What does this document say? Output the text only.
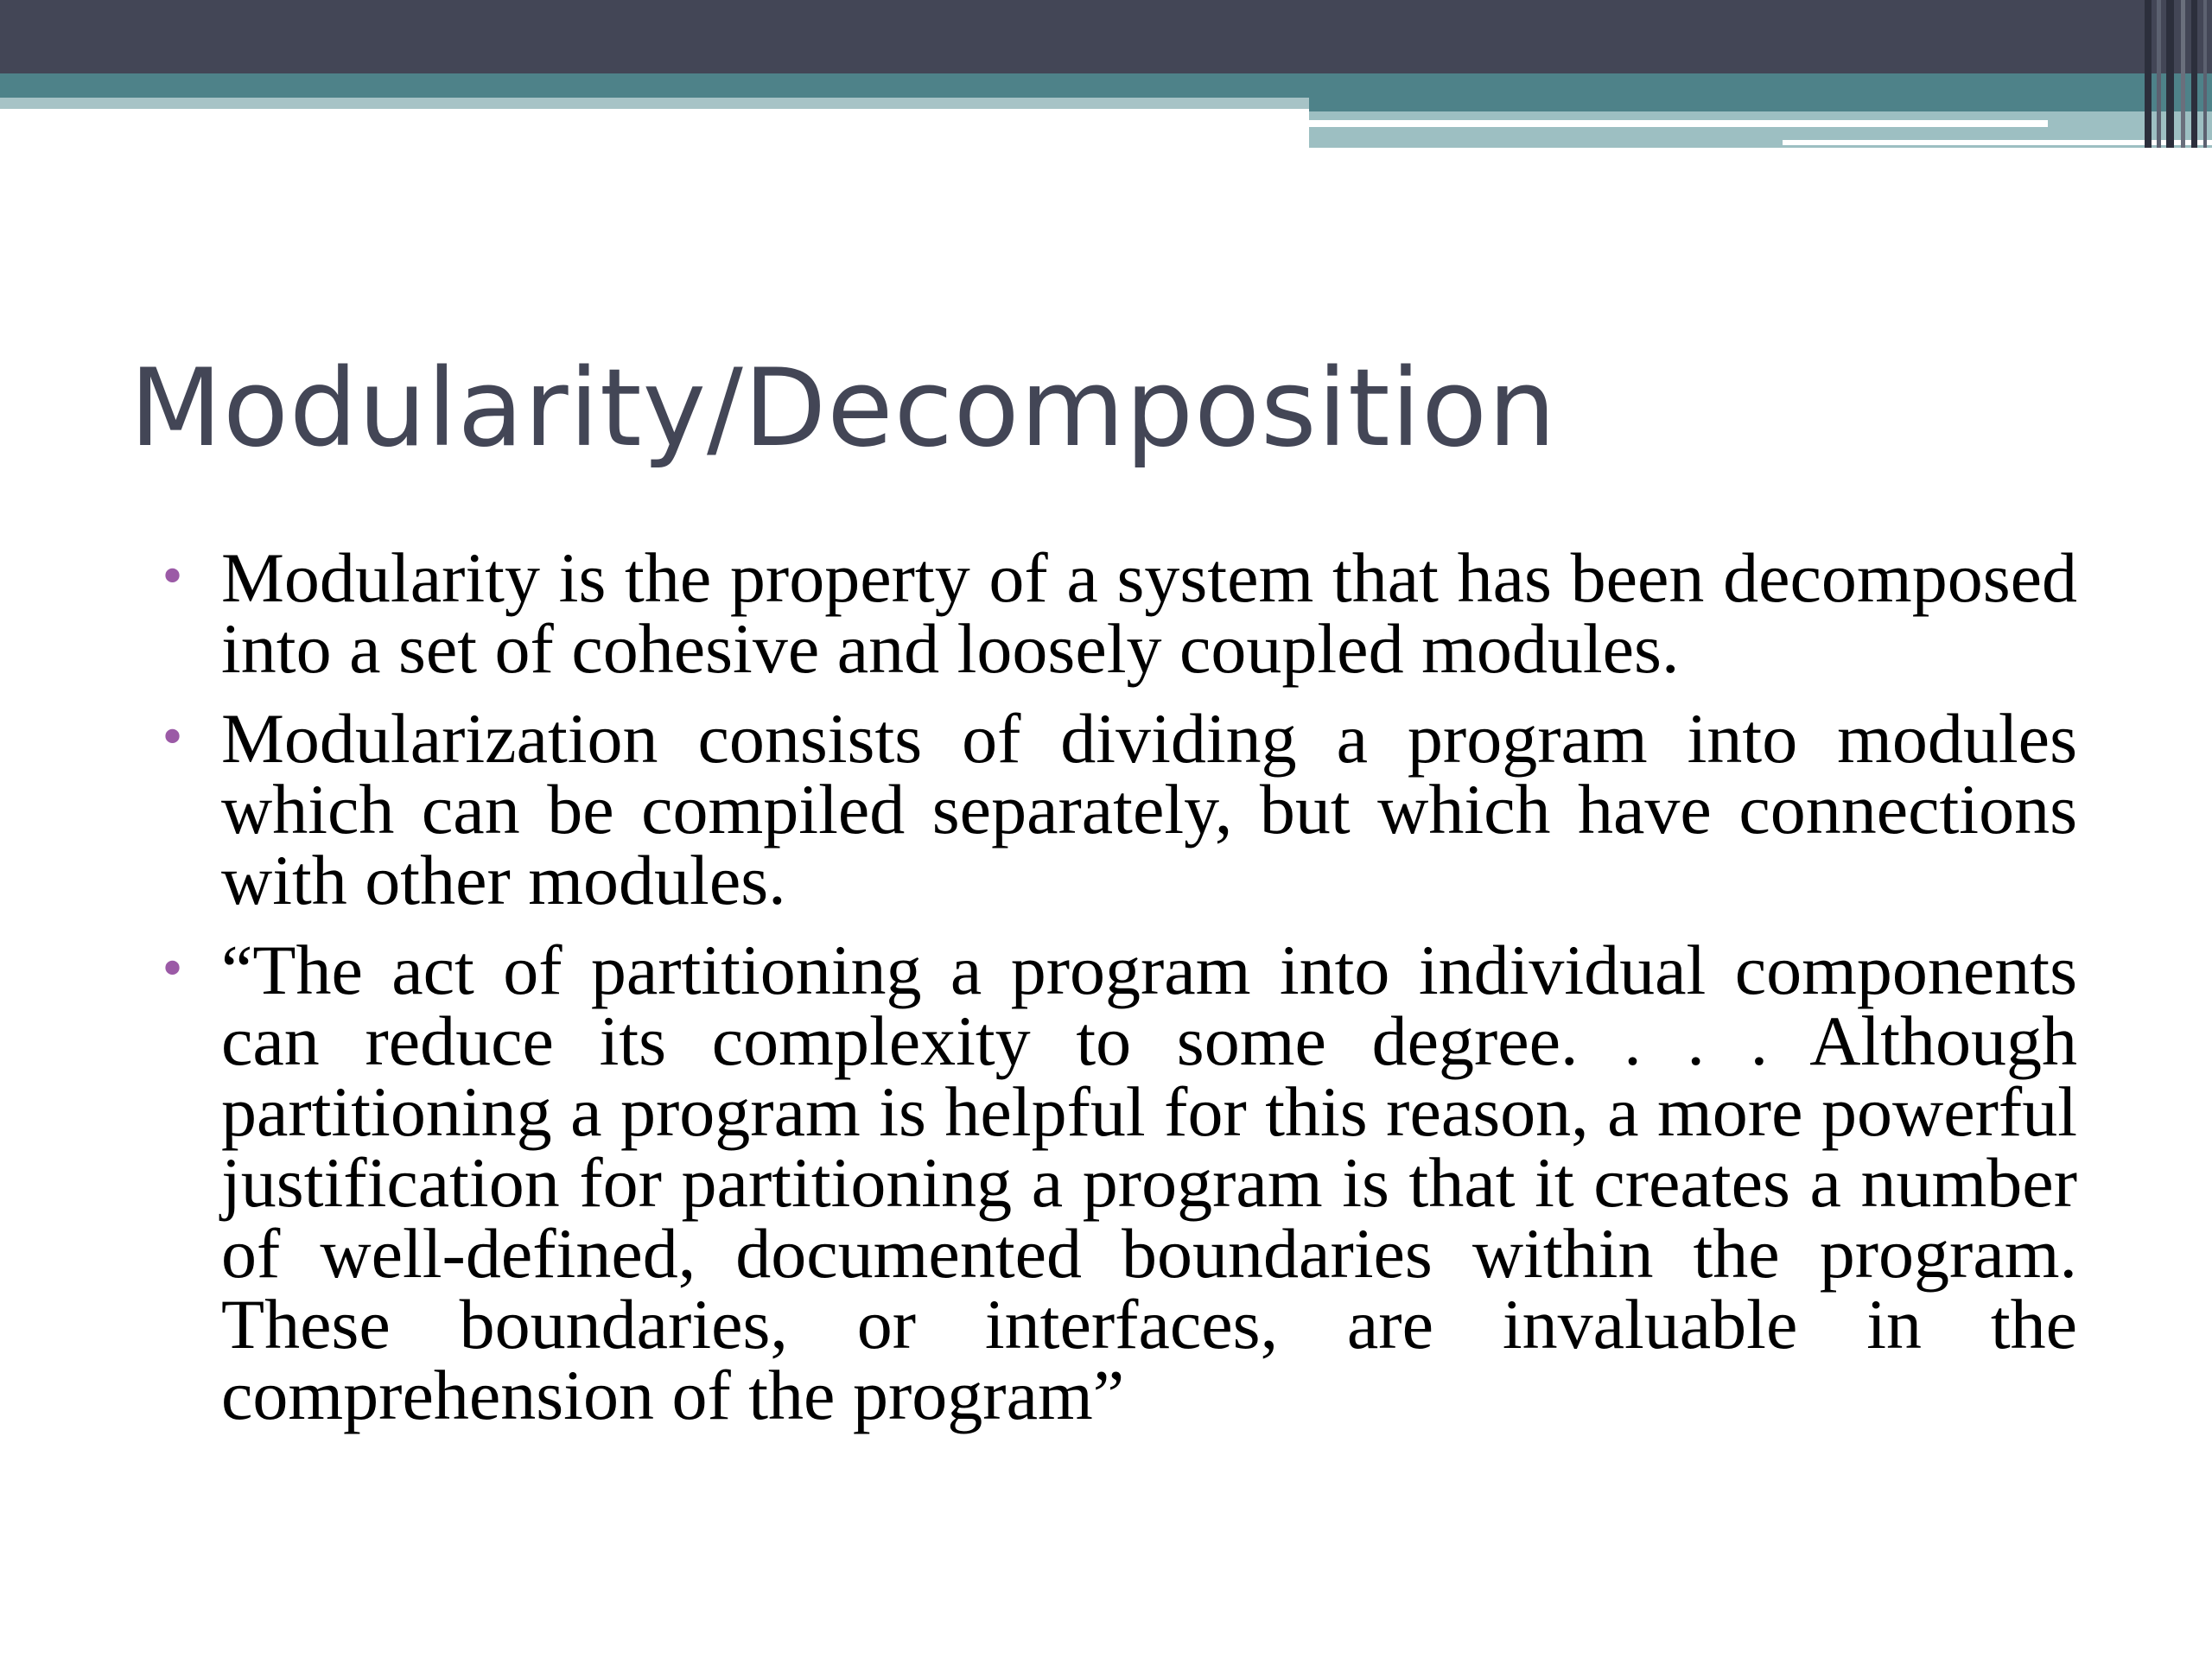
Modularity/Decomposition
• Modularity is the property of a system that has been decomposed into a set of cohesive and loosely coupled modules.
• Modularization consists of dividing a program into modules which can be compiled separately, but which have connections with other modules.
• “The act of partitioning a program into individual components can reduce its complexity to some degree. . . . Although partitioning a program is helpful for this reason, a more powerful justification for partitioning a program is that it creates a number of well-defined, documented boundaries within the program. These boundaries, or interfaces, are invaluable in the comprehension of the program”
